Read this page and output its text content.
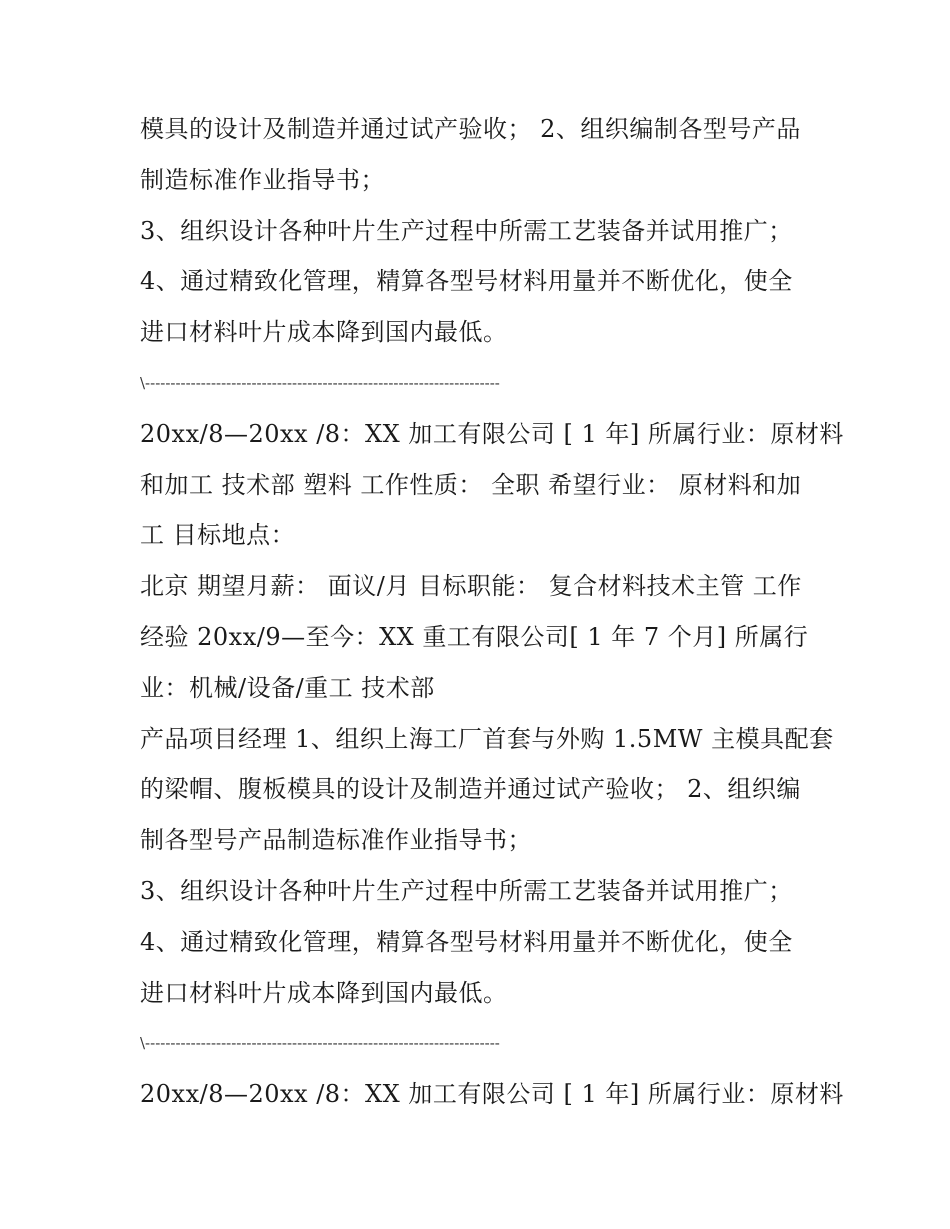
模具的设计及制造并通过试产验收； 2、组织编制各型号产品
制造标准作业指导书；
3、组织设计各种叶片生产过程中所需工艺装备并试用推广；
4、通过精致化管理，精算各型号材料用量并不断优化，使全
进口材料叶片成本降到国内最低。
\----------------------------------------------------------------------
20xx/8—20xx /8：XX 加工有限公司 [ 1 年] 所属行业：原材料
和加工 技术部 塑料 工作性质： 全职 希望行业： 原材料和加
工 目标地点：
北京 期望月薪： 面议/月 目标职能： 复合材料技术主管 工作
经验 20xx/9—至今：XX 重工有限公司[ 1 年 7 个月] 所属行
业：机械/设备/重工 技术部
产品项目经理 1、组织上海工厂首套与外购 1.5MW 主模具配套
的梁帽、腹板模具的设计及制造并通过试产验收； 2、组织编
制各型号产品制造标准作业指导书；
3、组织设计各种叶片生产过程中所需工艺装备并试用推广；
4、通过精致化管理，精算各型号材料用量并不断优化，使全
进口材料叶片成本降到国内最低。
\----------------------------------------------------------------------
20xx/8—20xx /8：XX 加工有限公司 [ 1 年] 所属行业：原材料
